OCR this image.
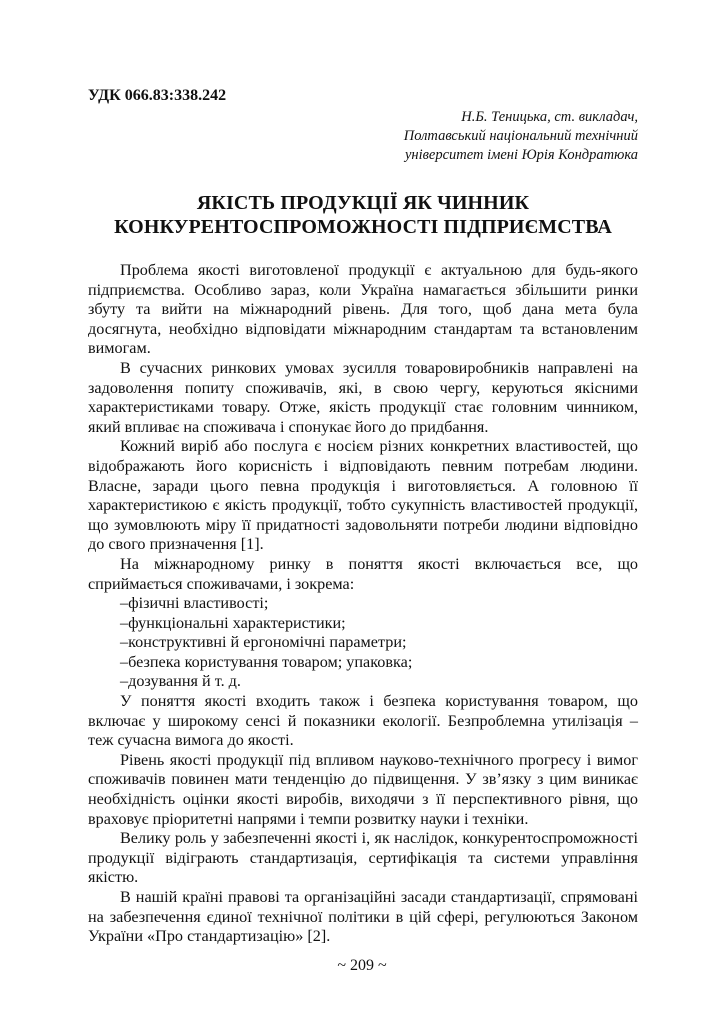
УДК 066.83:338.242

Н.Б. Теницька, ст. викладач,
Полтавський національний технічний
університет імені Юрія Кондратюка
ЯКІСТЬ ПРОДУКЦІЇ ЯК ЧИННИК
КОНКУРЕНТОСПРОМОЖНОСТІ ПІДПРИЄМСТВА

Проблема якості виготовленої продукції є актуальною для будь-якого підприємства. Особливо зараз, коли Україна намагається збільшити ринки збуту та вийти на міжнародний рівень. Для того, щоб дана мета була досягнута, необхідно відповідати міжнародним стандартам та встановленим вимогам.

В сучасних ринкових умовах зусилля товаровиробників направлені на задоволення попиту споживачів, які, в свою чергу, керуються якісними характеристиками товару. Отже, якість продукції стає головним чинником, який впливає на споживача і спонукає його до придбання.

Кожний виріб або послуга є носієм різних конкретних властивостей, що відображають його корисність і відповідають певним потребам людини. Власне, заради цього певна продукція і виготовляється. А головною її характеристикою є якість продукції, тобто сукупність властивостей продукції, що зумовлюють міру її придатності задовольняти потреби людини відповідно до свого призначення [1].

На міжнародному ринку в поняття якості включається все, що сприймається споживачами, і зокрема:

–фізичні властивості;

–функціональні характеристики;

–конструктивні й ергономічні параметри;

–безпека користування товаром; упаковка;

–дозування й т. д.

У поняття якості входить також і безпека користування товаром, що включає у широкому сенсі й показники екології. Безпроблемна утилізація – теж сучасна вимога до якості.

Рівень якості продукції під впливом науково-технічного прогресу і вимог споживачів повинен мати тенденцію до підвищення. У зв’язку з цим виникає необхідність оцінки якості виробів, виходячи з її перспективного рівня, що враховує пріоритетні напрями і темпи розвитку науки і техніки.

Велику роль у забезпеченні якості і, як наслідок, конкурентоспроможності продукції відіграють стандартизація, сертифікація та системи управління якістю.

В нашій країні правові та організаційні засади стандартизації, спрямовані на забезпечення єдиної технічної політики в цій сфері, регулюються Законом України «Про стандартизацію» [2].

~ 209 ~
